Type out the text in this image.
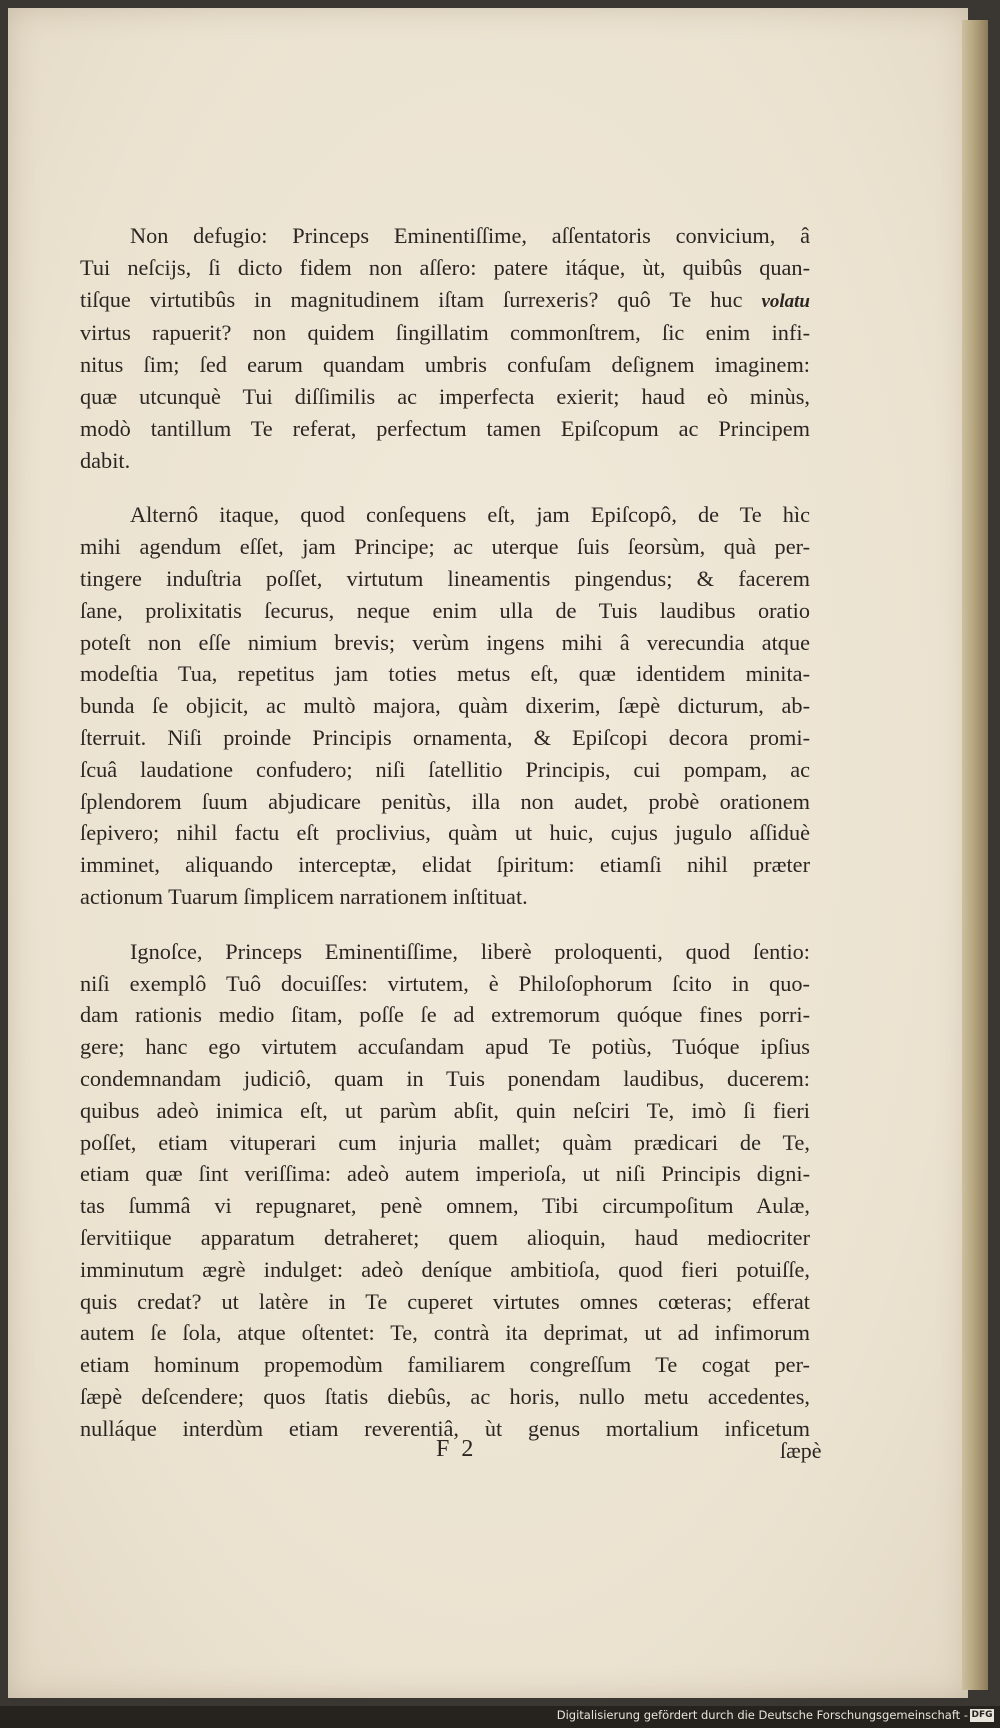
Non defugio: Princeps Eminentiſſime, aſſentatoris convicium, â
Tui neſcijs, ſi dicto fidem non aſſero: patere itáque, ùt, quibûs quan-
tiſque virtutibûs in magnitudinem iſtam ſurrexeris? quô Te huc volatu
virtus rapuerit? non quidem ſingillatim commonſtrem, ſic enim infi-
nitus ſim; ſed earum quandam umbris confuſam deſignem imaginem:
quæ utcunquè Tui diſſimilis ac imperfecta exierit; haud eò minùs,
modò tantillum Te referat, perfectum tamen Epiſcopum ac Principem
dabit.
Alternô itaque, quod conſequens eſt, jam Epiſcopô, de Te hìc
mihi agendum eſſet, jam Principe; ac uterque ſuis ſeorsùm, quà per-
tingere induſtria poſſet, virtutum lineamentis pingendus; & facerem
ſane, prolixitatis ſecurus, neque enim ulla de Tuis laudibus oratio
poteſt non eſſe nimium brevis; verùm ingens mihi â verecundia atque
modeſtia Tua, repetitus jam toties metus eſt, quæ identidem minita-
bunda ſe objicit, ac multò majora, quàm dixerim, ſæpè dicturum, ab-
ſterruit. Niſi proinde Principis ornamenta, & Epiſcopi decora promi-
ſcuâ laudatione confudero; niſi ſatellitio Principis, cui pompam, ac
ſplendorem ſuum abjudicare penitùs, illa non audet, probè orationem
ſepivero; nihil factu eſt proclivius, quàm ut huic, cujus jugulo aſſiduè
imminet, aliquando interceptæ, elidat ſpiritum: etiamſi nihil præter
actionum Tuarum ſimplicem narrationem inſtituat.
Ignoſce, Princeps Eminentiſſime, liberè proloquenti, quod ſentio:
niſi exemplô Tuô docuiſſes: virtutem, è Philoſophorum ſcito in quo-
dam rationis medio ſitam, poſſe ſe ad extremorum quóque fines porri-
gere; hanc ego virtutem accuſandam apud Te potiùs, Tuóque ipſius
condemnandam judiciô, quam in Tuis ponendam laudibus, ducerem:
quibus adeò inimica eſt, ut parùm abſit, quin neſciri Te, imò ſi fieri
poſſet, etiam vituperari cum injuria mallet; quàm prædicari de Te,
etiam quæ ſint veriſſima: adeò autem imperioſa, ut niſi Principis digni-
tas ſummâ vi repugnaret, penè omnem, Tibi circumpoſitum Aulæ,
ſervitiique apparatum detraheret; quem alioquin, haud mediocriter
imminutum ægrè indulget: adeò deníque ambitioſa, quod fieri potuiſſe,
quis credat? ut latère in Te cuperet virtutes omnes cœteras; efferat
autem ſe ſola, atque oſtentet: Te, contrà ita deprimat, ut ad infimorum
etiam hominum propemodùm familiarem congreſſum Te cogat per-
ſæpè deſcendere; quos ſtatis diebûs, ac horis, nullo metu accedentes,
nulláque interdùm etiam reverentiâ, ùt genus mortalium inficetum
F 2	ſæpè
Digitalisierung gefördert durch die Deutsche Forschungsgemeinschaft - DFG
